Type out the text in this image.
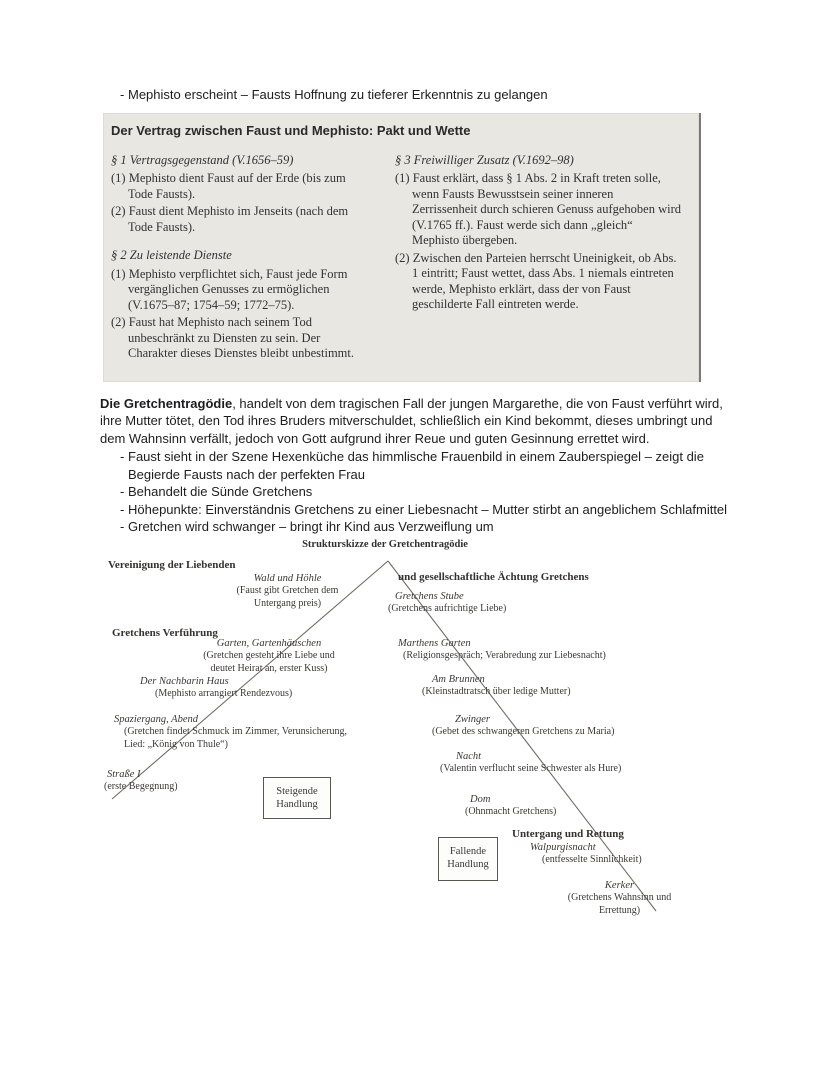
- Mephisto erscheint – Fausts Hoffnung zu tieferer Erkenntnis zu gelangen
Der Vertrag zwischen Faust und Mephisto: Pakt und Wette
§ 1 Vertragsgegenstand (V.1656–59)
(1) Mephisto dient Faust auf der Erde (bis zum Tode Fausts).
(2) Faust dient Mephisto im Jenseits (nach dem Tode Fausts).
§ 2 Zu leistende Dienste
(1) Mephisto verpflichtet sich, Faust jede Form vergänglichen Genusses zu ermöglichen (V.1675–87; 1754–59; 1772–75).
(2) Faust hat Mephisto nach seinem Tod unbeschränkt zu Diensten zu sein. Der Charakter dieses Dienstes bleibt unbestimmt.
§ 3 Freiwilliger Zusatz (V.1692–98)
(1) Faust erklärt, dass § 1 Abs. 2 in Kraft treten solle, wenn Fausts Bewusstsein seiner inneren Zerrissenheit durch schieren Genuss aufgehoben wird (V.1765 ff.). Faust werde sich dann „gleich“ Mephisto übergeben.
(2) Zwischen den Parteien herrscht Uneinigkeit, ob Abs. 1 eintritt; Faust wettet, dass Abs. 1 niemals eintreten werde, Mephisto erklärt, dass der von Faust geschilderte Fall eintreten werde.

Die Gretchentragödie, handelt von dem tragischen Fall der jungen Margarethe, die von Faust verführt wird, ihre Mutter tötet, den Tod ihres Bruders mitverschuldet, schließlich ein Kind bekommt, dieses umbringt und dem Wahnsinn verfällt, jedoch von Gott aufgrund ihrer Reue und guten Gesinnung errettet wird.

- Faust sieht in der Szene Hexenküche das himmlische Frauenbild in einem Zauberspiegel – zeigt die Begierde Fausts nach der perfekten Frau
- Behandelt die Sünde Gretchens
- Höhepunkte: Einverständnis Gretchens zu einer Liebesnacht – Mutter stirbt an angeblichem Schlafmittel
- Gretchen wird schwanger – bringt ihr Kind aus Verzweiflung um
Strukturskizze der Gretchentragödie
Vereinigung der Liebenden
und gesellschaftliche Ächtung Gretchens
Gretchens Verführung
Untergang und Rettung
Wald und Höhle
(Faust gibt Gretchen dem Untergang preis)
Gretchens Stube
(Gretchens aufrichtige Liebe)
Garten, Gartenhäuschen
(Gretchen gesteht ihre Liebe und deutet Heirat an, erster Kuss)
Marthens Garten
(Religionsgespräch; Verabredung zur Liebesnacht)
Der Nachbarin Haus
(Mephisto arrangiert Rendezvous)
Am Brunnen
(Kleinstadtratsch über ledige Mutter)
Spaziergang, Abend
(Gretchen findet Schmuck im Zimmer, Verunsicherung, Lied: „König von Thule“)
Zwinger
(Gebet des schwangeren Gretchens zu Maria)
Nacht
(Valentin verflucht seine Schwester als Hure)
Straße I
(erste Begegnung)	Steigende Handlung	Dom
(Ohnmacht Gretchens)
Walpurgisnacht
(entfesselte Sinnlichkeit)
Fallende Handlung
Kerker
(Gretchens Wahnsinn und Errettung)
